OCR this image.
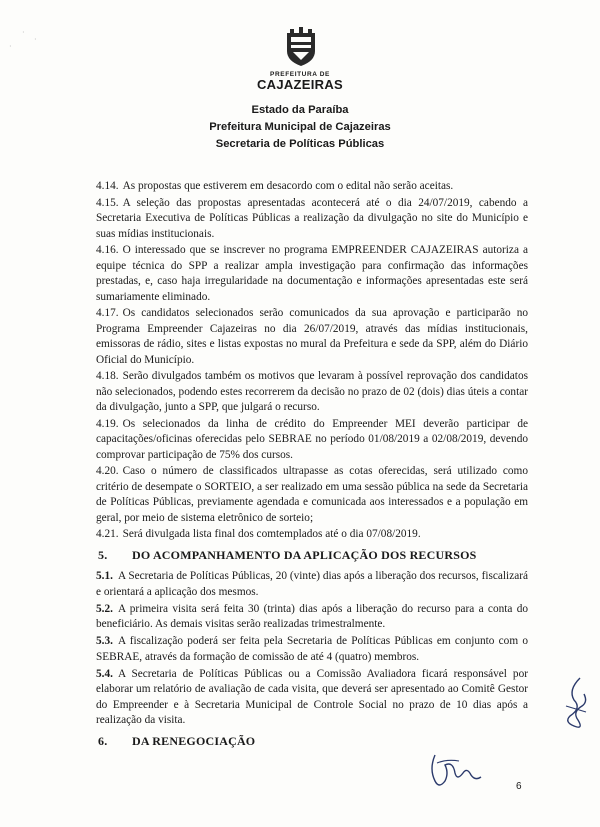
·
·
·
PREFEITURA DE
CAJAZEIRAS
Estado da Paraíba
Prefeitura Municipal de Cajazeiras
Secretaria de Políticas Públicas

4.14. As propostas que estiverem em desacordo com o edital não serão aceitas.

4.15. A seleção das propostas apresentadas acontecerá até o dia 24/07/2019, cabendo a Secretaria Executiva de Políticas Públicas a realização da divulgação no site do Município e suas mídias institucionais.

4.16. O interessado que se inscrever no programa EMPREENDER CAJAZEIRAS autoriza a equipe técnica do SPP a realizar ampla investigação para confirmação das informações prestadas, e, caso haja irregularidade na documentação e informações apresentadas este será sumariamente eliminado.

4.17. Os candidatos selecionados serão comunicados da sua aprovação e participarão no Programa Empreender Cajazeiras no dia 26/07/2019, através das mídias institucionais, emissoras de rádio, sites e listas expostas no mural da Prefeitura e sede da SPP, além do Diário Oficial do Município.

4.18. Serão divulgados também os motivos que levaram à possível reprovação dos candidatos não selecionados, podendo estes recorrerem da decisão no prazo de 02 (dois) dias úteis a contar da divulgação, junto a SPP, que julgará o recurso.

4.19. Os selecionados da linha de crédito do Empreender MEI deverão participar de capacitações/oficinas oferecidas pelo SEBRAE no período 01/08/2019 a 02/08/2019, devendo comprovar participação de 75% dos cursos.

4.20. Caso o número de classificados ultrapasse as cotas oferecidas, será utilizado como critério de desempate o SORTEIO, a ser realizado em uma sessão pública na sede da Secretaria de Políticas Públicas, previamente agendada e comunicada aos interessados e a população em geral, por meio de sistema eletrônico de sorteio;

4.21. Será divulgada lista final dos comtemplados até o dia 07/08/2019.

5. DO ACOMPANHAMENTO DA APLICAÇÃO DOS RECURSOS

5.1. A Secretaria de Políticas Públicas, 20 (vinte) dias após a liberação dos recursos, fiscalizará e orientará a aplicação dos mesmos.

5.2. A primeira visita será feita 30 (trinta) dias após a liberação do recurso para a conta do beneficiário. As demais visitas serão realizadas trimestralmente.

5.3. A fiscalização poderá ser feita pela Secretaria de Políticas Públicas em conjunto com o SEBRAE, através da formação de comissão de até 4 (quatro) membros.

5.4. A Secretaria de Políticas Públicas ou a Comissão Avaliadora ficará responsável por elaborar um relatório de avaliação de cada visita, que deverá ser apresentado ao Comitê Gestor do Empreender e à Secretaria Municipal de Controle Social no prazo de 10 dias após a realização da visita.

6. DA RENEGOCIAÇÃO
6
